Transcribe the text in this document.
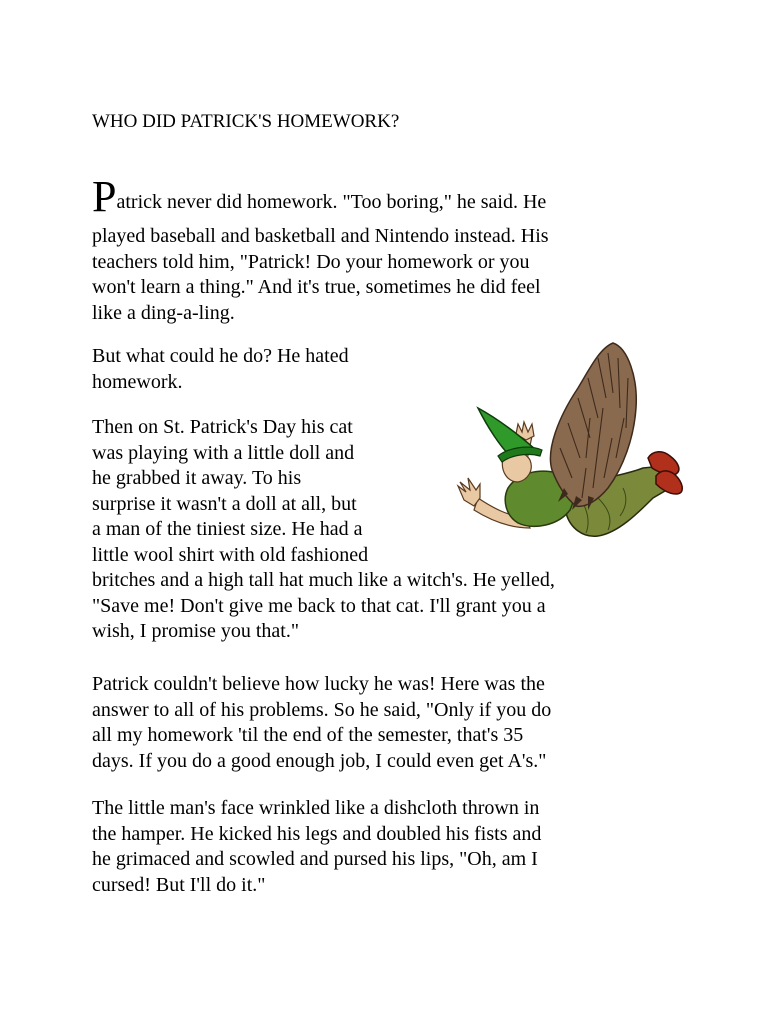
WHO DID PATRICK'S HOMEWORK?

Patrick never did homework. "Too boring," he said. He
played baseball and basketball and Nintendo instead. His
teachers told him, "Patrick! Do your homework or you
won't learn a thing." And it's true, sometimes he did feel
like a ding-a-ling.

But what could he do? He hated
homework.

Then on St. Patrick's Day his cat
was playing with a little doll and
he grabbed it away. To his
surprise it wasn't a doll at all, but
a man of the tiniest size. He had a
little wool shirt with old fashioned
britches and a high tall hat much like a witch's. He yelled,
"Save me! Don't give me back to that cat. I'll grant you a
wish, I promise you that."

Patrick couldn't believe how lucky he was! Here was the
answer to all of his problems. So he said, "Only if you do
all my homework 'til the end of the semester, that's 35
days. If you do a good enough job, I could even get A's."

The little man's face wrinkled like a dishcloth thrown in
the hamper. He kicked his legs and doubled his fists and
he grimaced and scowled and pursed his lips, "Oh, am I
cursed! But I'll do it."
